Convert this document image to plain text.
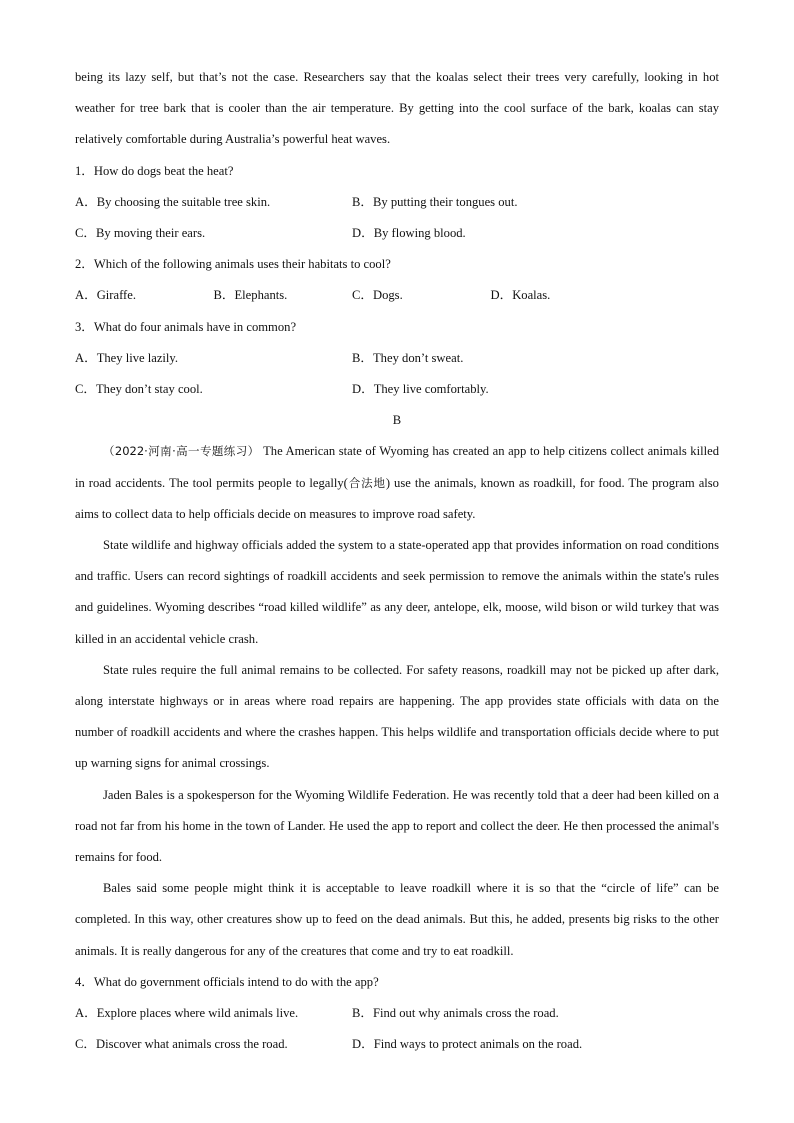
being its lazy self, but that’s not the case. Researchers say that the koalas select their trees very carefully, looking in hot weather for tree bark that is cooler than the air temperature. By getting into the cool surface of the bark, koalas can stay relatively comfortable during Australia’s powerful heat waves.
1．How do dogs beat the heat?
A．By choosing the suitable tree skin.	B．By putting their tongues out.
C．By moving their ears.	D．By flowing blood.
2．Which of the following animals uses their habitats to cool?
A．Giraffe.	B．Elephants.	C．Dogs.	D．Koalas.
3．What do four animals have in common?
A．They live lazily.	B．They don’t sweat.
C．They don’t stay cool.	D．They live comfortably.
B
（2022·河南·高一专题练习） The American state of Wyoming has created an app to help citizens collect animals killed in road accidents. The tool permits people to legally(合法地) use the animals, known as roadkill, for food. The program also aims to collect data to help officials decide on measures to improve road safety.
State wildlife and highway officials added the system to a state-operated app that provides information on road conditions and traffic. Users can record sightings of roadkill accidents and seek permission to remove the animals within the state's rules and guidelines. Wyoming describes “road killed wildlife” as any deer, antelope, elk, moose, wild bison or wild turkey that was killed in an accidental vehicle crash.
State rules require the full animal remains to be collected. For safety reasons, roadkill may not be picked up after dark, along interstate highways or in areas where road repairs are happening. The app provides state officials with data on the number of roadkill accidents and where the crashes happen. This helps wildlife and transportation officials decide where to put up warning signs for animal crossings.
Jaden Bales is a spokesperson for the Wyoming Wildlife Federation. He was recently told that a deer had been killed on a road not far from his home in the town of Lander. He used the app to report and collect the deer. He then processed the animal's remains for food.
Bales said some people might think it is acceptable to leave roadkill where it is so that the “circle of life” can be completed. In this way, other creatures show up to feed on the dead animals. But this, he added, presents big risks to the other animals. It is really dangerous for any of the creatures that come and try to eat roadkill.
4．What do government officials intend to do with the app?
A．Explore places where wild animals live.	B．Find out why animals cross the road.
C．Discover what animals cross the road.	D．Find ways to protect animals on the road.
